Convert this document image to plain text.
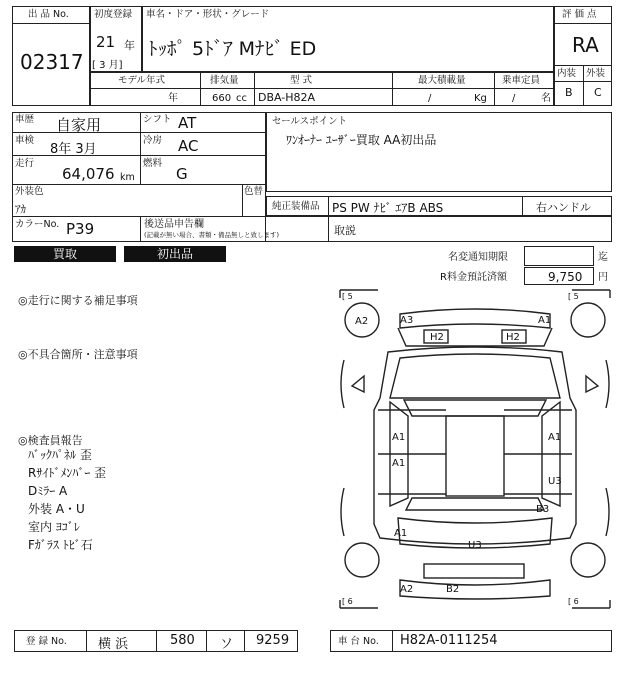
出 品 No.
02317
初度登録
21 年
[ 3 月]
車名・ドア・形状・グレード
ﾄｯﾎﾟ 5ﾄﾞｱ Mﾅﾋﾞ ED
評 価 点
RA
内装 外装
B C
モデル年式
年
排気量
660 cc
型 式
DBA-H82A
最大積載量
/	Kg
乗車定員
/	名
車歴 自家用	シフト AT
車検
8年 3月
冷房 AC
走行
64,076 km
燃料
G
外装色
ｱｶ
色替
カラーNo. P39
セールスポイント
ﾜﾝｵｰﾅｰ ﾕｰｻﾞｰ買取 AA初出品
純正装備品 PS PW ﾅﾋﾞ ｴｱB ABS	右ハンドル
後送品申告欄
(記載が無い場合、書類・備品無しと致します)	取説
買取	初出品	名変通知期限	迄
R料金預託済額	9,750 円
◎走行に関する補足事項
◎不具合箇所・注意事項
◎検査員報告
ﾊﾞｯｸﾊﾟﾈﾙ 歪
Rｻｲﾄﾞﾒﾝﾊﾞｰ 歪
Dﾐﾗｰ A
外装 A・U
室内 ﾖｺﾞﾚ
Fｶﾞﾗｽ ﾄﾋﾞ石
[ 5	[ 5
[ 6	[ 6
A2	A3	A1
H2	H2
A1
A1
A1
A1
U3
B3
U3
A2	B2
登 録 No. 横 浜	580 ソ 9259	車 台 No. H82A-0111254
